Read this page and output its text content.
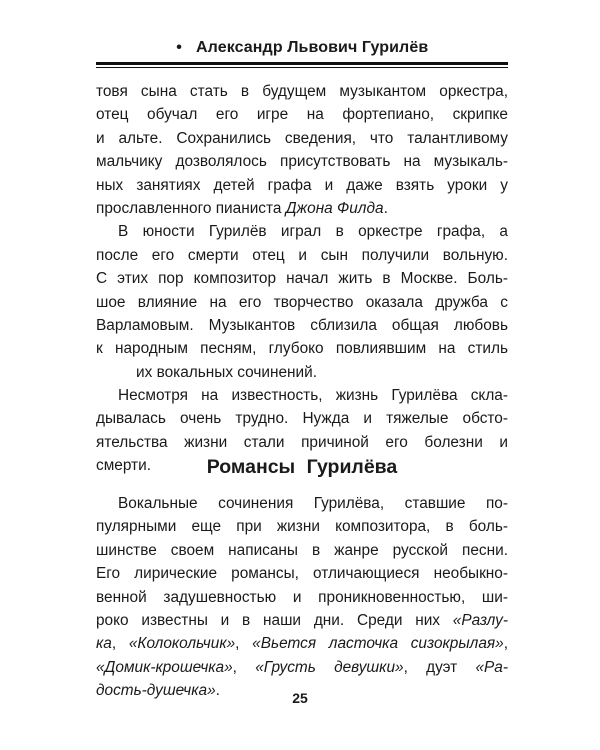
• Александр Львович Гурилёв
товя сына стать в будущем музыкантом оркестра,
отец обучал его игре на фортепиано, скрипке
и альте. Сохранились сведения, что талантливому
мальчику дозволялось присутствовать на музыкаль-
ных занятиях детей графа и даже взять уроки у
прославленного пианиста Джона Филда.
В юности Гурилёв играл в оркестре графа, а
после его смерти отец и сын получили вольную.
С этих пор композитор начал жить в Москве. Боль-
шое влияние на его творчество оказала дружба с
Варламовым. Музыкантов сблизила общая любовь
к народным песням, глубоко повлиявшим на стиль
их вокальных сочинений.
Несмотря на известность, жизнь Гурилёва скла-
дывалась очень трудно. Нужда и тяжелые обсто-
ятельства жизни стали причиной его болезни и
смерти.	Романсы Гурилёва
Вокальные сочинения Гурилёва, ставшие по-
пулярными еще при жизни композитора, в боль-
шинстве своем написаны в жанре русской песни.
Его лирические романсы, отличающиеся необыкно-
венной задушевностью и проникновенностью, ши-
роко известны и в наши дни. Среди них «Разлу-
ка, «Колокольчик», «Вьется ласточка сизокрылая»,
«Домик-крошечка», «Грусть девушки», дуэт «Ра-
дость-душечка».	25
